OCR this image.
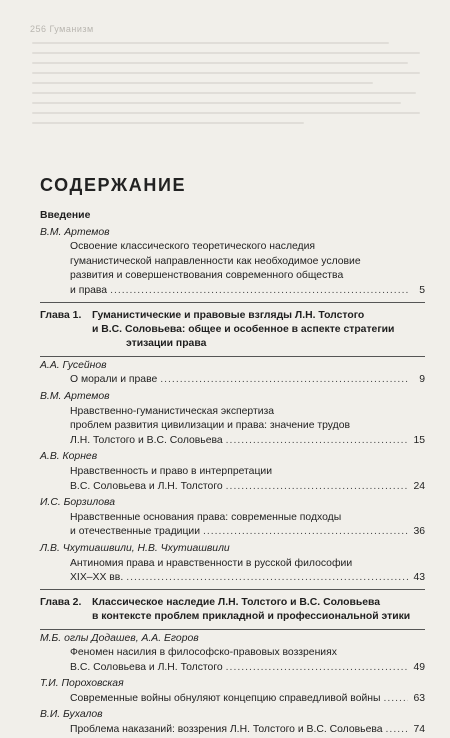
256 Гуманизм
СОДЕРЖАНИЕ
Введение
В.М. Артемов
Освоение классического теоретического наследия
гуманистической направленности как необходимое условие
развития и совершенствования современного общества
и права .....	5
Глава 1.	Гуманистические и правовые взгляды Л.Н. Толстого
и В.С. Соловьева: общее и особенное в аспекте стратегии
этизации права
А.А. Гусейнов
О морали и праве .....	9
В.М. Артемов
Нравственно-гуманистическая экспертиза
проблем развития цивилизации и права: значение трудов
Л.Н. Толстого и В.С. Соловьева .....	15
А.В. Корнев
Нравственность и право в интерпретации
В.С. Соловьева и Л.Н. Толстого .....	24
И.С. Борзилова
Нравственные основания права: современные подходы
и отечественные традиции .....	36
Л.В. Чхутиашвили, Н.В. Чхутиашвили
Антиномия права и нравственности в русской философии
XIX–XX вв. .....	43
Глава 2.	Классическое наследие Л.Н. Толстого и В.С. Соловьева
в контексте проблем прикладной и профессиональной этики
М.Б. оглы Додашев, А.А. Егоров
Феномен насилия в философско-правовых воззрениях
В.С. Соловьева и Л.Н. Толстого .....	49
Т.И. Пороховская
Современные войны обнуляют концепцию справедливой войны .....	63
В.И. Бухалов
Проблема наказаний: воззрения Л.Н. Толстого и В.С. Соловьева .....	74
